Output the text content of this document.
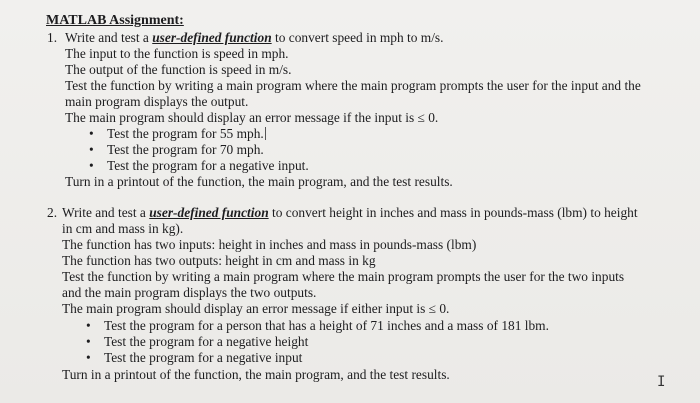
MATLAB Assignment:
1. Write and test a user-defined function to convert speed in mph to m/s.
The input to the function is speed in mph.
The output of the function is speed in m/s.
Test the function by writing a main program where the main program prompts the user for the input and the
main program displays the output.
The main program should display an error message if the input is ≤ 0.
• Test the program for 55 mph.
• Test the program for 70 mph.
• Test the program for a negative input.
Turn in a printout of the function, the main program, and the test results.
2. Write and test a user-defined function to convert height in inches and mass in pounds-mass (lbm) to height
in cm and mass in kg).
The function has two inputs: height in inches and mass in pounds-mass (lbm)
The function has two outputs: height in cm and mass in kg
Test the function by writing a main program where the main program prompts the user for the two inputs
and the main program displays the two outputs.
The main program should display an error message if either input is ≤ 0.
• Test the program for a person that has a height of 71 inches and a mass of 181 lbm.
• Test the program for a negative height
• Test the program for a negative input
Turn in a printout of the function, the main program, and the test results.	I
